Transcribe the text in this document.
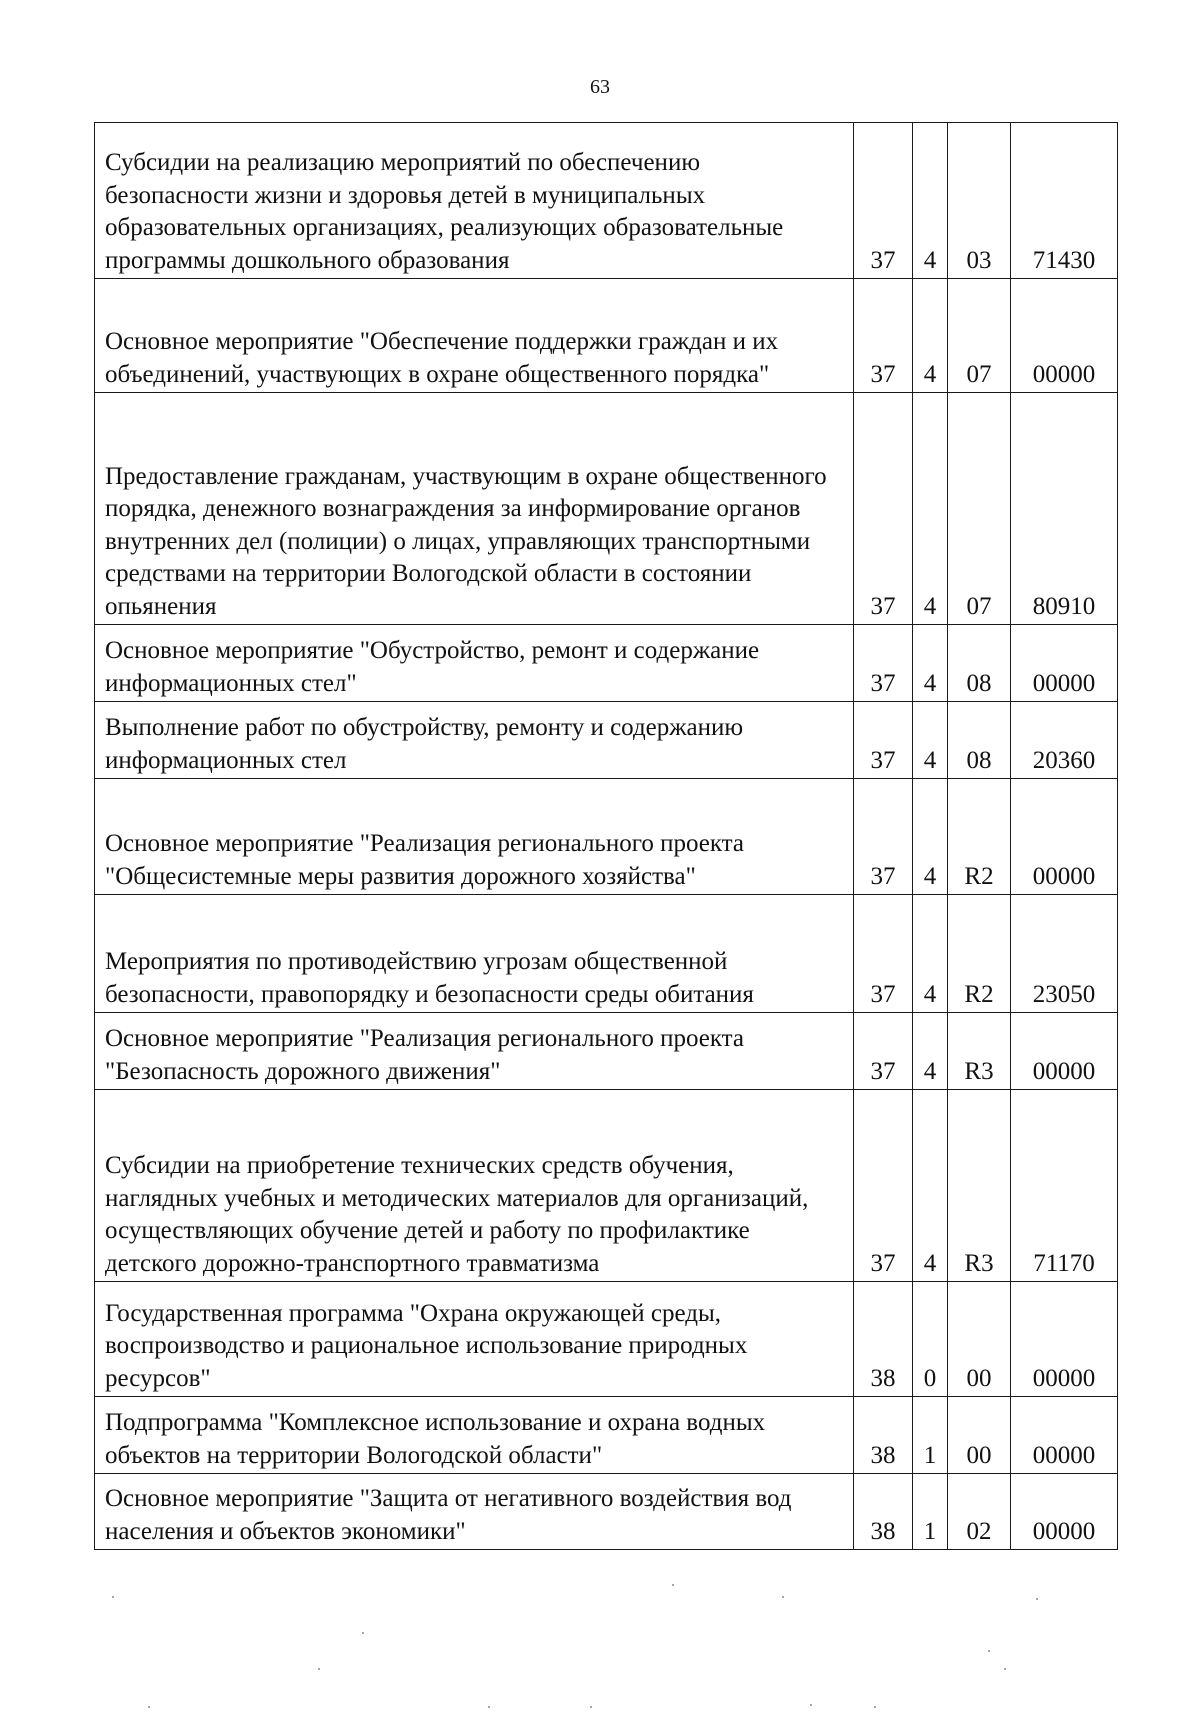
63
Субсидии на реализацию мероприятий по обеспечению безопасности жизни и здоровья детей в муниципальных образовательных организациях, реализующих образовательные программы дошкольного образования	37	4	03	71430
Основное мероприятие "Обеспечение поддержки граждан и их объединений, участвующих в охране общественного порядка"	37	4	07	00000
Предоставление гражданам, участвующим в охране общественного порядка, денежного вознаграждения за информирование органов внутренних дел (полиции) о лицах, управляющих транспортными средствами на территории Вологодской области в состоянии опьянения	37	4	07	80910
Основное мероприятие "Обустройство, ремонт и содержание информационных стел"	37	4	08	00000
Выполнение работ по обустройству, ремонту и содержанию информационных стел	37	4	08	20360
Основное мероприятие "Реализация регионального проекта "Общесистемные меры развития дорожного хозяйства"	37	4	R2	00000
Мероприятия по противодействию угрозам общественной безопасности, правопорядку и безопасности среды обитания	37	4	R2	23050
Основное мероприятие "Реализация регионального проекта "Безопасность дорожного движения"	37	4	R3	00000
Субсидии на приобретение технических средств обучения, наглядных учебных и методических материалов для организаций, осуществляющих обучение детей и работу по профилактике детского дорожно-транспортного травматизма	37	4	R3	71170
Государственная программа "Охрана окружающей среды, воспроизводство и рациональное использование природных ресурсов"	38	0	00	00000
Подпрограмма "Комплексное использование и охрана водных объектов на территории Вологодской области"	38	1	00	00000
Основное мероприятие "Защита от негативного воздействия вод населения и объектов экономики"	38	1	02	00000
